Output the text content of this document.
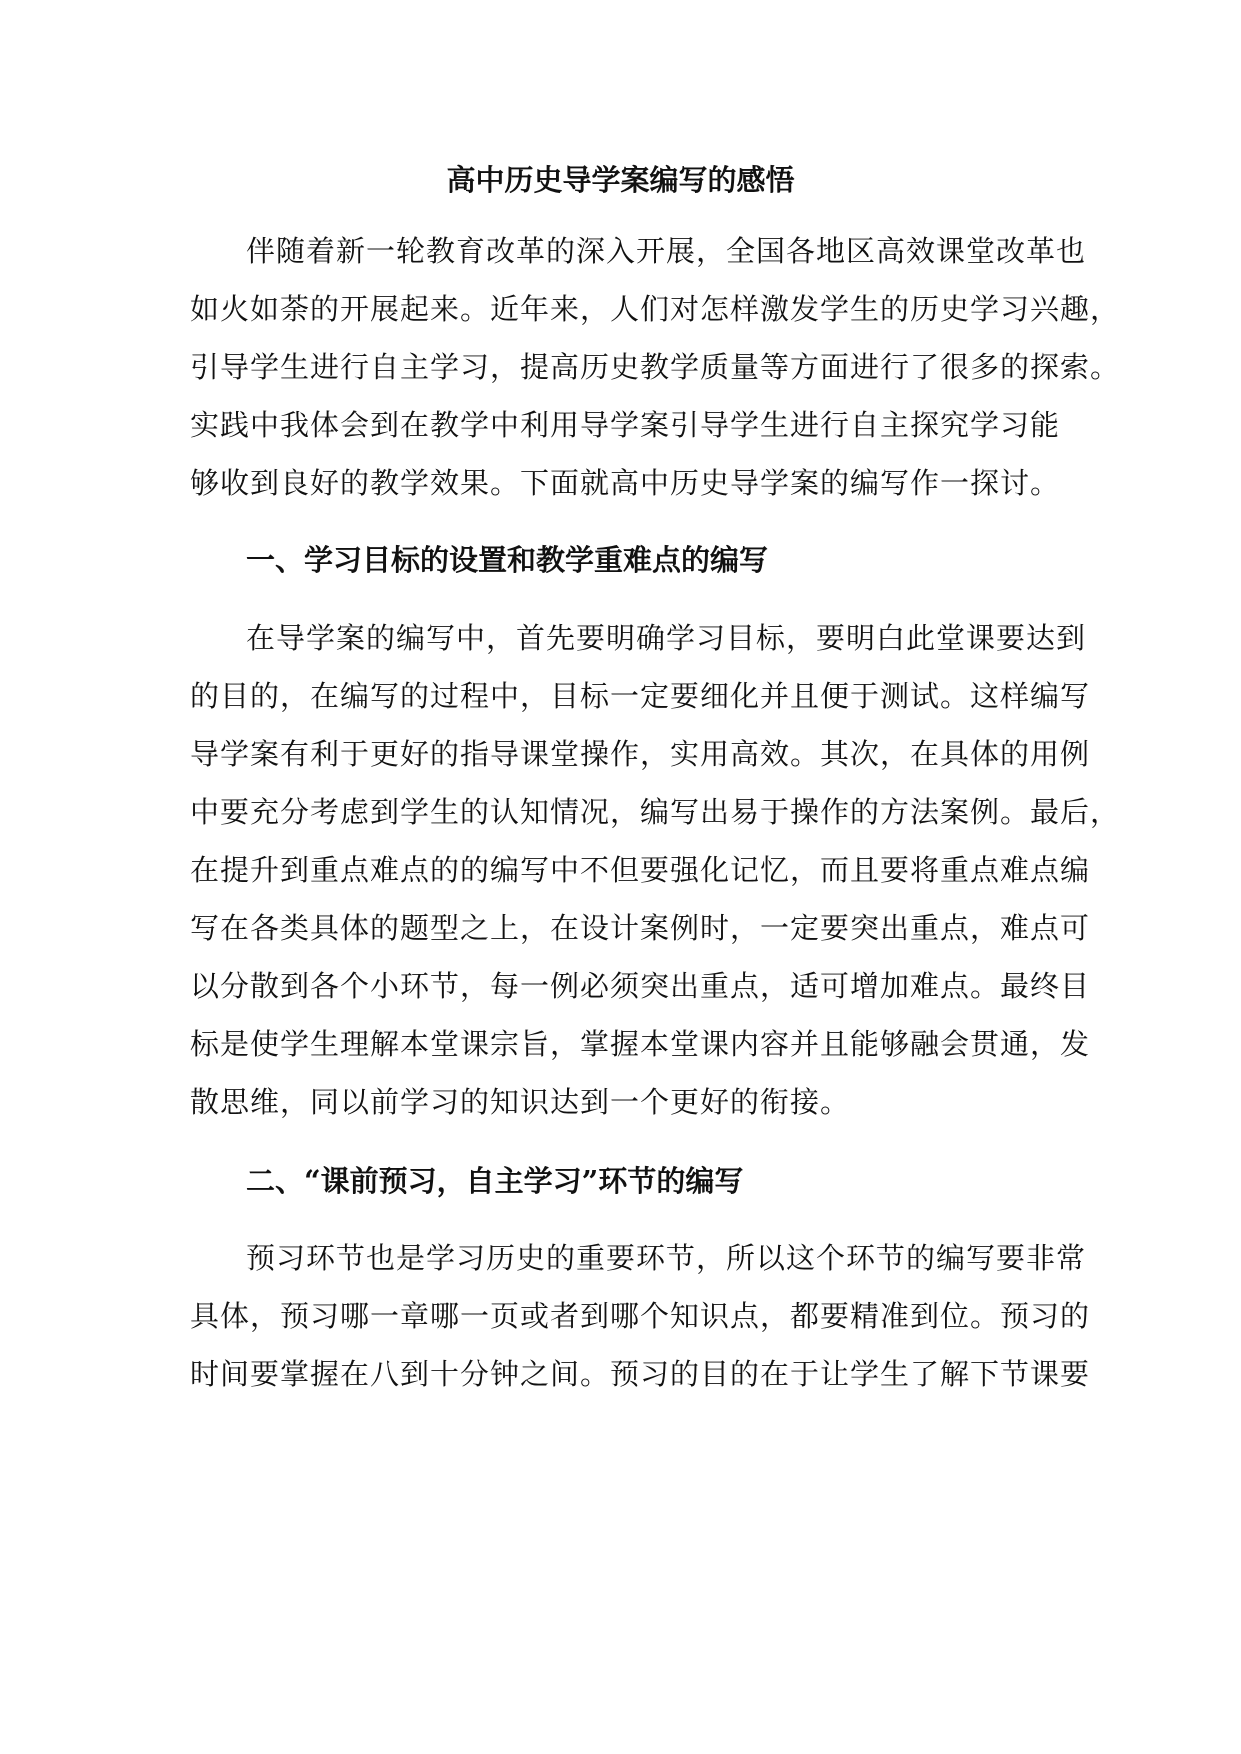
高中历史导学案编写的感悟
伴随着新一轮教育改革的深入开展，全国各地区高效课堂改革也
如火如荼的开展起来。近年来，人们对怎样激发学生的历史学习兴趣，
引导学生进行自主学习，提高历史教学质量等方面进行了很多的探索。
实践中我体会到在教学中利用导学案引导学生进行自主探究学习能
够收到良好的教学效果。下面就高中历史导学案的编写作一探讨。
一、学习目标的设置和教学重难点的编写
在导学案的编写中，首先要明确学习目标，要明白此堂课要达到
的目的，在编写的过程中，目标一定要细化并且便于测试。这样编写
导学案有利于更好的指导课堂操作，实用高效。其次，在具体的用例
中要充分考虑到学生的认知情况，编写出易于操作的方法案例。最后，
在提升到重点难点的的编写中不但要强化记忆，而且要将重点难点编
写在各类具体的题型之上，在设计案例时，一定要突出重点，难点可
以分散到各个小环节，每一例必须突出重点，适可增加难点。最终目
标是使学生理解本堂课宗旨，掌握本堂课内容并且能够融会贯通，发
散思维，同以前学习的知识达到一个更好的衔接。
二、“课前预习，自主学习”环节的编写
预习环节也是学习历史的重要环节，所以这个环节的编写要非常
具体，预习哪一章哪一页或者到哪个知识点，都要精准到位。预习的
时间要掌握在八到十分钟之间。预习的目的在于让学生了解下节课要
